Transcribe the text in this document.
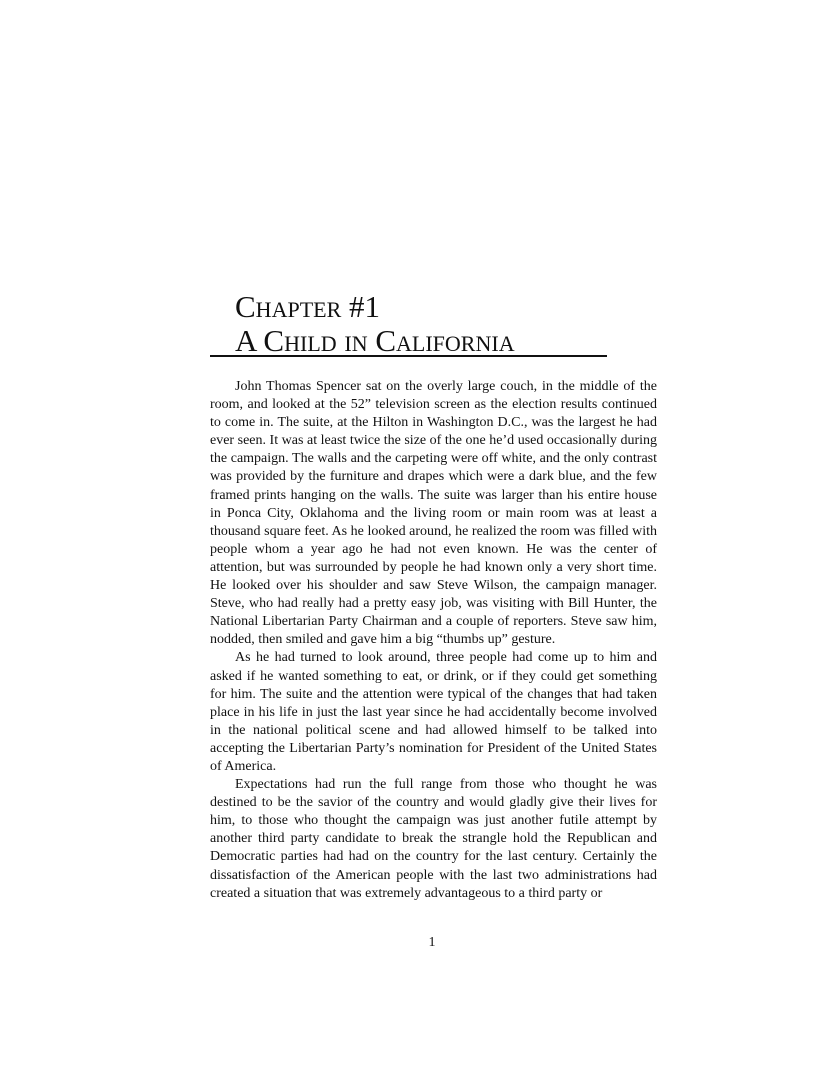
Chapter #1
A Child in California

John Thomas Spencer sat on the overly large couch, in the middle of the room, and looked at the 52” television screen as the election results continued to come in. The suite, at the Hilton in Washington D.C., was the largest he had ever seen. It was at least twice the size of the one he’d used occasionally during the campaign. The walls and the carpeting were off white, and the only contrast was provided by the furniture and drapes which were a dark blue, and the few framed prints hanging on the walls. The suite was larger than his entire house in Ponca City, Oklahoma and the living room or main room was at least a thousand square feet. As he looked around, he realized the room was filled with people whom a year ago he had not even known. He was the center of attention, but was surrounded by people he had known only a very short time. He looked over his shoulder and saw Steve Wilson, the campaign manager. Steve, who had really had a pretty easy job, was visiting with Bill Hunter, the National Libertarian Party Chairman and a couple of reporters. Steve saw him, nodded, then smiled and gave him a big “thumbs up” gesture.

As he had turned to look around, three people had come up to him and asked if he wanted something to eat, or drink, or if they could get something for him. The suite and the attention were typical of the changes that had taken place in his life in just the last year since he had accidentally become involved in the national political scene and had allowed himself to be talked into accepting the Libertarian Party’s nomination for President of the United States of America.

Expectations had run the full range from those who thought he was destined to be the savior of the country and would gladly give their lives for him, to those who thought the campaign was just another futile attempt by another third party candidate to break the strangle hold the Republican and Democratic parties had had on the country for the last century. Certainly the dissatisfaction of the American people with the last two administrations had created a situation that was extremely advantageous to a third party or

1
